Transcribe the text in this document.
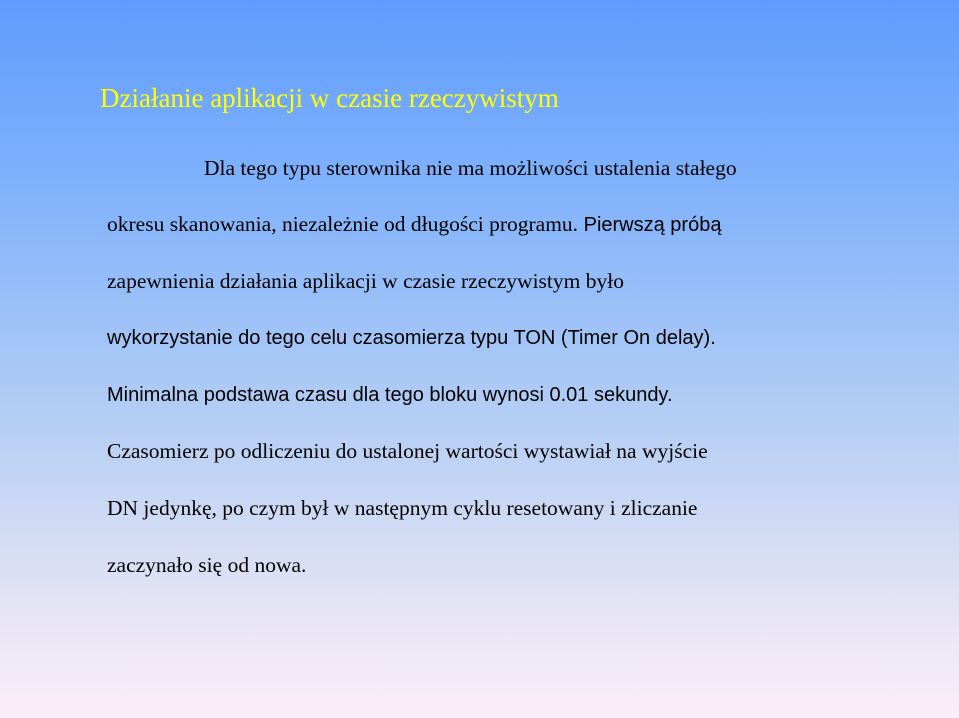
Działanie aplikacji w czasie rzeczywistym
Dla tego typu sterownika nie ma możliwości ustalenia stałego
okresu skanowania, niezależnie od długości programu. Pierwszą próbą
zapewnienia działania aplikacji w czasie rzeczywistym było
wykorzystanie do tego celu czasomierza typu TON (Timer On delay).
Minimalna podstawa czasu dla tego bloku wynosi 0.01 sekundy.
Czasomierz po odliczeniu do ustalonej wartości wystawiał na wyjście
DN jedynkę, po czym był w następnym cyklu resetowany i zliczanie
zaczynało się od nowa.
